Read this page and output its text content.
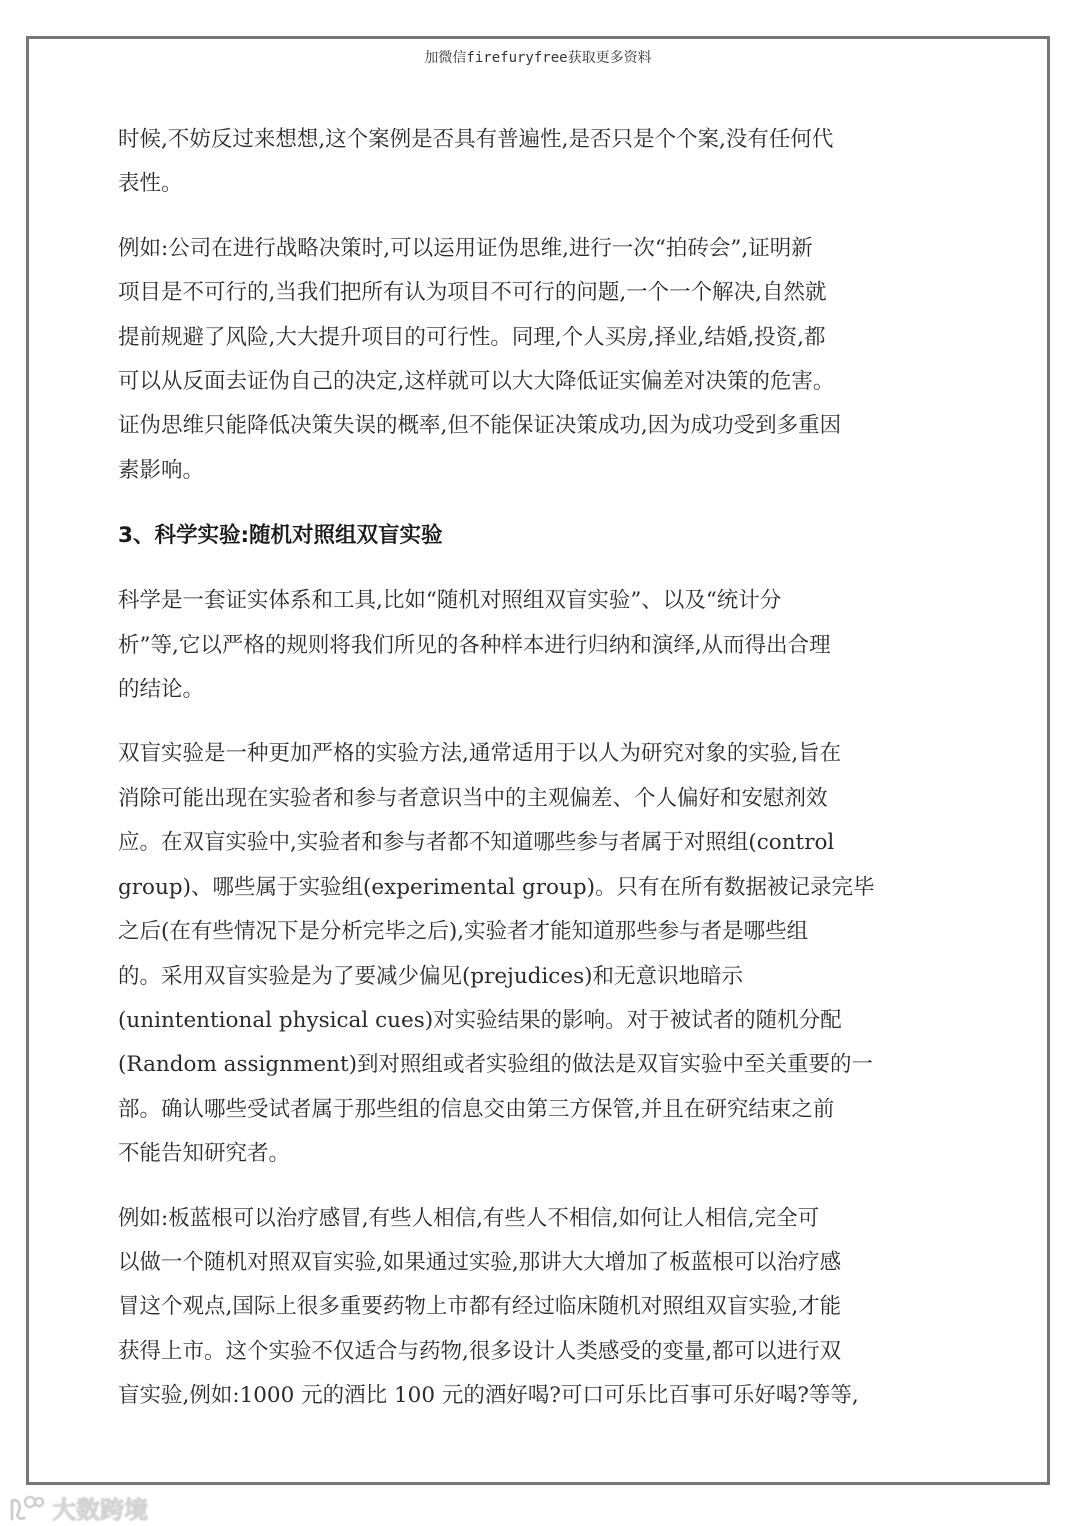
加微信firefuryfree获取更多资料

时候,不妨反过来想想,这个案例是否具有普遍性,是否只是个个案,没有任何代
表性。

例如:公司在进行战略决策时,可以运用证伪思维,进行一次“拍砖会”,证明新
项目是不可行的,当我们把所有认为项目不可行的问题,一个一个解决,自然就
提前规避了风险,大大提升项目的可行性。同理,个人买房,择业,结婚,投资,都
可以从反面去证伪自己的决定,这样就可以大大降低证实偏差对决策的危害。
证伪思维只能降低决策失误的概率,但不能保证决策成功,因为成功受到多重因
素影响。

3、科学实验:随机对照组双盲实验

科学是一套证实体系和工具,比如“随机对照组双盲实验”、以及“统计分
析”等,它以严格的规则将我们所见的各种样本进行归纳和演绎,从而得出合理
的结论。

双盲实验是一种更加严格的实验方法,通常适用于以人为研究对象的实验,旨在
消除可能出现在实验者和参与者意识当中的主观偏差、个人偏好和安慰剂效
应。在双盲实验中,实验者和参与者都不知道哪些参与者属于对照组(control
group)、哪些属于实验组(experimental group)。只有在所有数据被记录完毕
之后(在有些情况下是分析完毕之后),实验者才能知道那些参与者是哪些组
的。采用双盲实验是为了要减少偏见(prejudices)和无意识地暗示
(unintentional physical cues)对实验结果的影响。对于被试者的随机分配
(Random assignment)到对照组或者实验组的做法是双盲实验中至关重要的一
部。确认哪些受试者属于那些组的信息交由第三方保管,并且在研究结束之前
不能告知研究者。

例如:板蓝根可以治疗感冒,有些人相信,有些人不相信,如何让人相信,完全可
以做一个随机对照双盲实验,如果通过实验,那讲大大增加了板蓝根可以治疗感
冒这个观点,国际上很多重要药物上市都有经过临床随机对照组双盲实验,才能
获得上市。这个实验不仅适合与药物,很多设计人类感受的变量,都可以进行双
盲实验,例如:1000 元的酒比 100 元的酒好喝?可口可乐比百事可乐好喝?等等,

大数跨境
